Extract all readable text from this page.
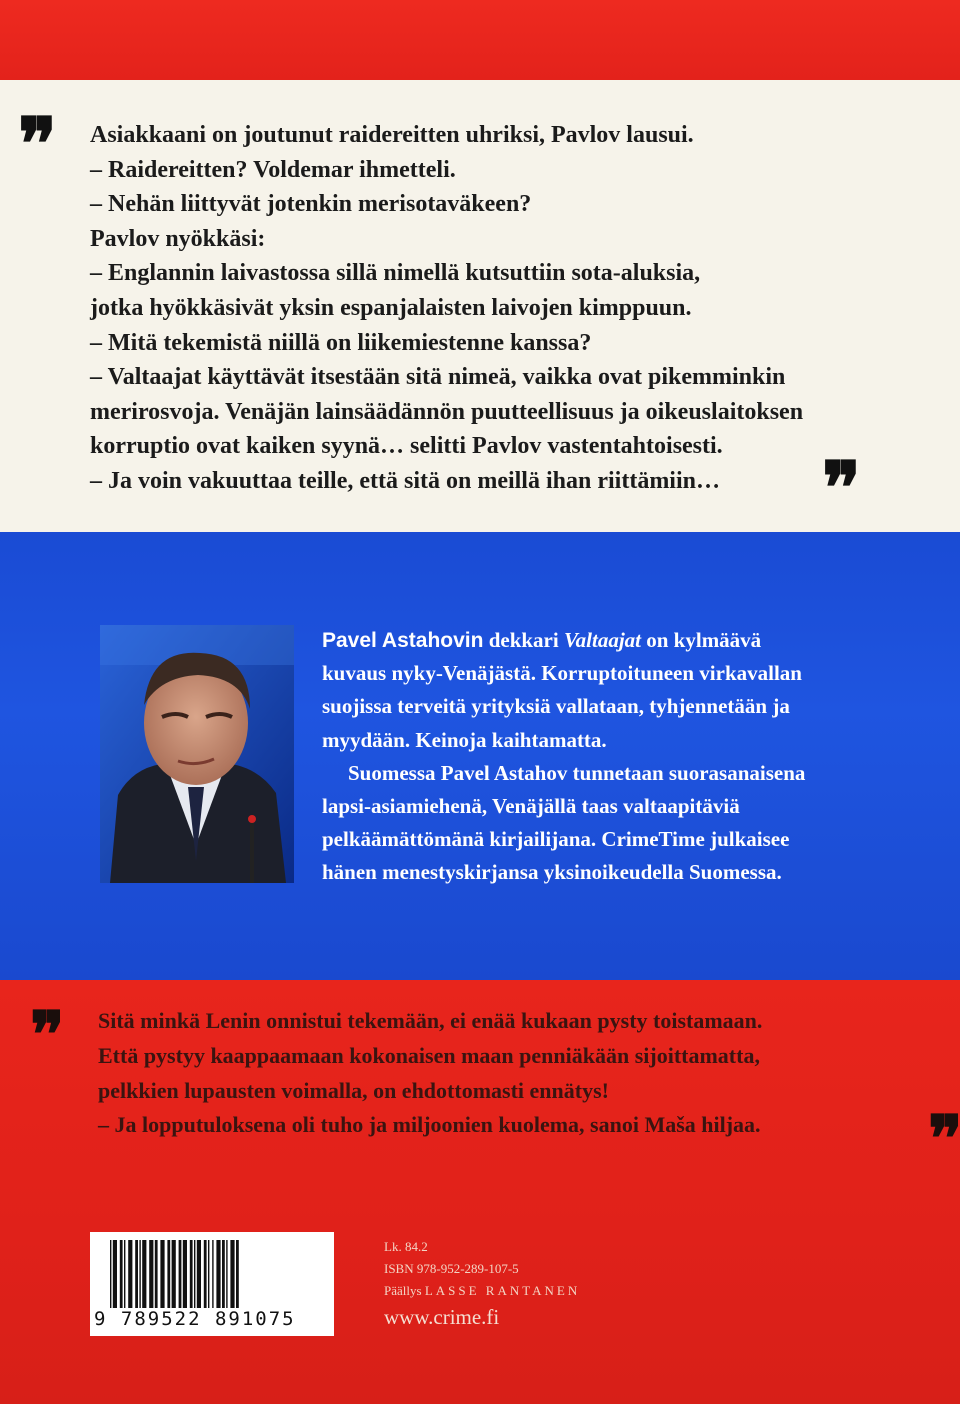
❞ Asiakkaani on joutunut raidereitten uhriksi, Pavlov lausui.
– Raidereitten? Voldemar ihmetteli.
– Nehän liittyvät jotenkin merisotaväkeen?
Pavlov nyökkäsi:
– Englannin laivastossa sillä nimellä kutsuttiin sota-aluksia,
jotka hyökkäsivät yksin espanjalaisten laivojen kimppuun.
– Mitä tekemistä niillä on liikemiestenne kanssa?
– Valtaajat käyttävät itsestään sitä nimeä, vaikka ovat pikemminkin
merirosvoja. Venäjän lainsäädännön puutteellisuus ja oikeuslaitoksen
korruptio ovat kaiken syynä… selitti Pavlov vastentahtoisesti.
– Ja voin vakuuttaa teille, että sitä on meillä ihan riittämiin…	❞
Pavel Astahovin dekkari Valtaajat on kylmäävä
kuvaus nyky-Venäjästä. Korruptoituneen virkavallan
suojissa terveitä yrityksiä vallataan, tyhjennetään ja
myydään. Keinoja kaihtamatta.
Suomessa Pavel Astahov tunnetaan suorasanaisena
lapsi-asiamiehenä, Venäjällä taas valtaapitäviä
pelkäämättömänä kirjailijana. CrimeTime julkaisee
hänen menestyskirjansa yksinoikeudella Suomessa.
❞ Sitä minkä Lenin onnistui tekemään, ei enää kukaan pysty toistamaan.
Että pystyy kaappaamaan kokonaisen maan penniäkään sijoittamatta,
pelkkien lupausten voimalla, on ehdottomasti ennätys!
– Ja lopputuloksena oli tuho ja miljoonien kuolema, sanoi Maša hiljaa.	❞
9 789522 891075
Lk. 84.2
ISBN 978-952-289-107-5
Päällys LASSE RANTANEN
www.crime.fi
